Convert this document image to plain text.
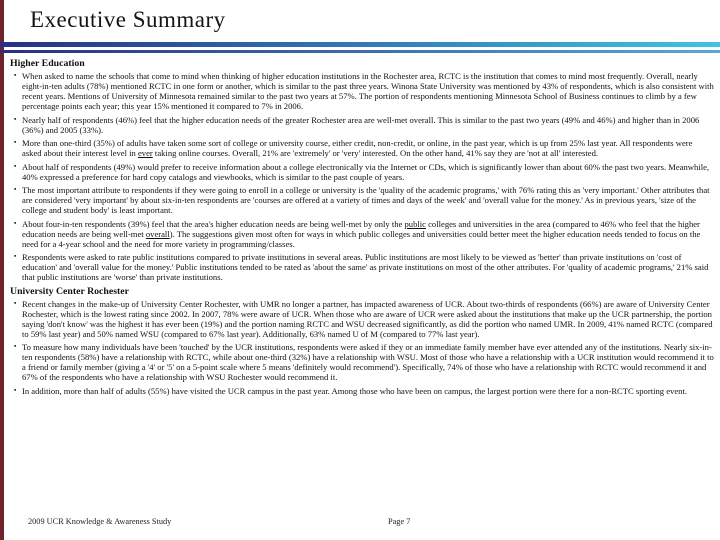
Executive Summary
Higher Education
▪ When asked to name the schools that come to mind when thinking of higher education institutions in the Rochester area, RCTC is the institution that comes to mind most frequently. Overall, nearly eight-in-ten adults (78%) mentioned RCTC in one form or another, which is similar to the past three years. Winona State University was mentioned by 43% of respondents, which is also consistent with recent years. Mentions of University of Minnesota remained similar to the past two years at 57%. The portion of respondents mentioning Minnesota School of Business continues to climb by a few percentage points each year; this year 15% mentioned it compared to 7% in 2006.
▪ Nearly half of respondents (46%) feel that the higher education needs of the greater Rochester area are well-met overall. This is similar to the past two years (49% and 46%) and higher than in 2006 (36%) and 2005 (33%).
▪ More than one-third (35%) of adults have taken some sort of college or university course, either credit, non-credit, or online, in the past year, which is up from 25% last year. All respondents were asked about their interest level in ever taking online courses. Overall, 21% are 'extremely' or 'very' interested. On the other hand, 41% say they are 'not at all' interested.
▪ About half of respondents (49%) would prefer to receive information about a college electronically via the Internet or CDs, which is significantly lower than about 60% the past two years. Meanwhile, 40% expressed a preference for hard copy catalogs and viewbooks, which is similar to the past couple of years.
▪ The most important attribute to respondents if they were going to enroll in a college or university is the 'quality of the academic programs,' with 76% rating this as 'very important.' Other attributes that are considered 'very important' by about six-in-ten respondents are 'courses are offered at a variety of times and days of the week' and 'overall value for the money.' As in previous years, 'size of the college and student body' is least important.
▪ About four-in-ten respondents (39%) feel that the area's higher education needs are being well-met by only the public colleges and universities in the area (compared to 46% who feel that the higher education needs are being well-met overall). The suggestions given most often for ways in which public colleges and universities could better meet the higher education needs tended to focus on the need for a 4-year school and the need for more variety in programming/classes.
▪ Respondents were asked to rate public institutions compared to private institutions in several areas. Public institutions are most likely to be viewed as 'better' than private institutions on 'cost of education' and 'overall value for the money.' Public institutions tended to be rated as 'about the same' as private institutions on most of the other attributes. For 'quality of academic programs,' 21% said that public institutions are 'worse' than private institutions.
University Center Rochester
▪ Recent changes in the make-up of University Center Rochester, with UMR no longer a partner, has impacted awareness of UCR. About two-thirds of respondents (66%) are aware of University Center Rochester, which is the lowest rating since 2002. In 2007, 78% were aware of UCR. When those who are aware of UCR were asked about the institutions that make up the UCR partnership, the portion saying 'don't know' was the highest it has ever been (19%) and the portion naming RCTC and WSU decreased significantly, as did the portion who named UMR. In 2009, 41% named RCTC (compared to 59% last year) and 50% named WSU (compared to 67% last year). Additionally, 63% named U of M (compared to 77% last year).
▪ To measure how many individuals have been 'touched' by the UCR institutions, respondents were asked if they or an immediate family member have ever attended any of the institutions. Nearly six-in-ten respondents (58%) have a relationship with RCTC, while about one-third (32%) have a relationship with WSU. Most of those who have a relationship with a UCR institution would recommend it to a friend or family member (giving a '4' or '5' on a 5-point scale where 5 means 'definitely would recommend'). Specifically, 74% of those who have a relationship with RCTC would recommend it and 67% of the respondents who have a relationship with WSU Rochester would recommend it.
▪ In addition, more than half of adults (55%) have visited the UCR campus in the past year. Among those who have been on campus, the largest portion were there for a non-RCTC sporting event.
2009 UCR Knowledge & Awareness Study	Page 7
